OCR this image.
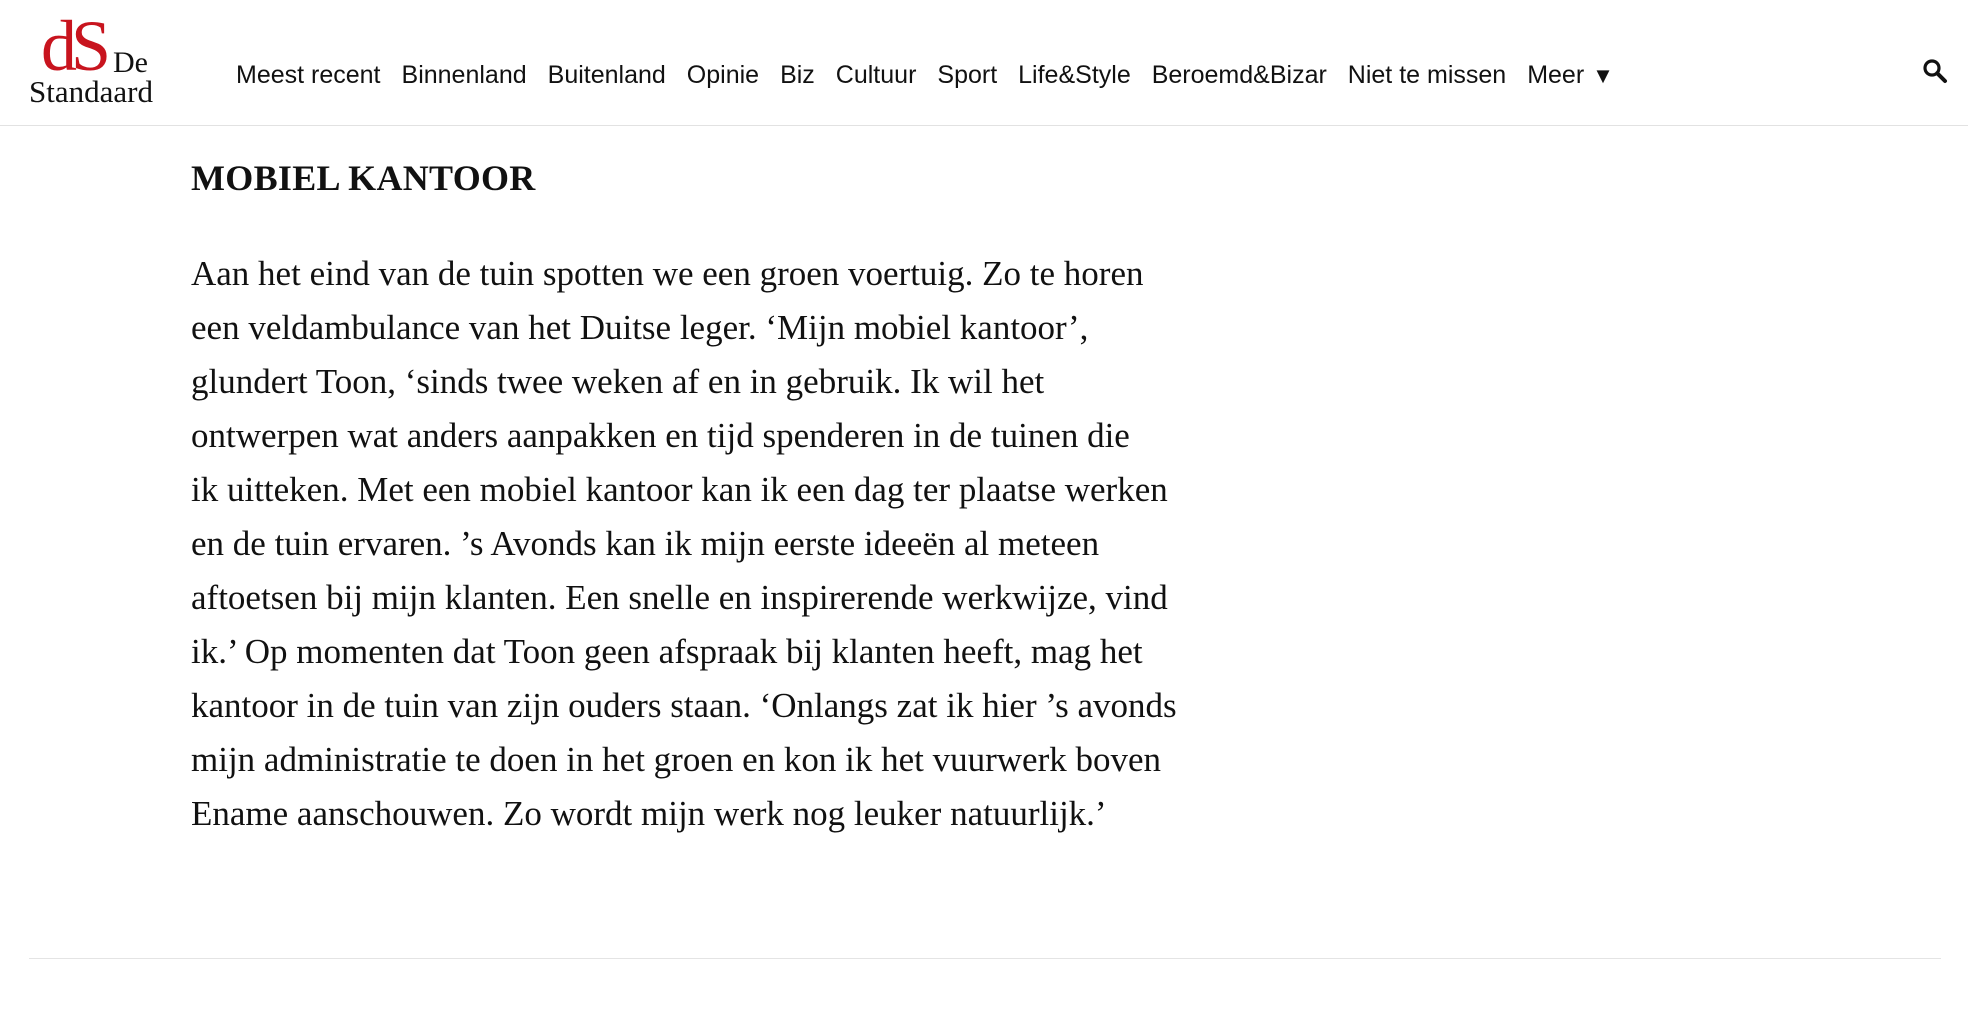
dS De
Standaard	Meest recent Binnenland Buitenland Opinie Biz Cultuur Sport Life&Style Beroemd&Bizar Niet te missen Meer ▼
MOBIEL KANTOOR

Aan het eind van de tuin spotten we een groen voertuig. Zo te horen
een veldambulance van het Duitse leger. ‘Mijn mobiel kantoor’,
glundert Toon, ‘sinds twee weken af en in gebruik. Ik wil het
ontwerpen wat anders aanpakken en tijd spenderen in de tuinen die
ik uitteken. Met een mobiel kantoor kan ik een dag ter plaatse werken
en de tuin ervaren. ’s Avonds kan ik mijn eerste ideeën al meteen
aftoetsen bij mijn klanten. Een snelle en inspirerende werkwijze, vind
ik.’ Op momenten dat Toon geen afspraak bij klanten heeft, mag het
kantoor in de tuin van zijn ouders staan. ‘Onlangs zat ik hier ’s avonds
mijn administratie te doen in het groen en kon ik het vuurwerk boven
Ename aanschouwen. Zo wordt mijn werk nog leuker natuurlijk.’
